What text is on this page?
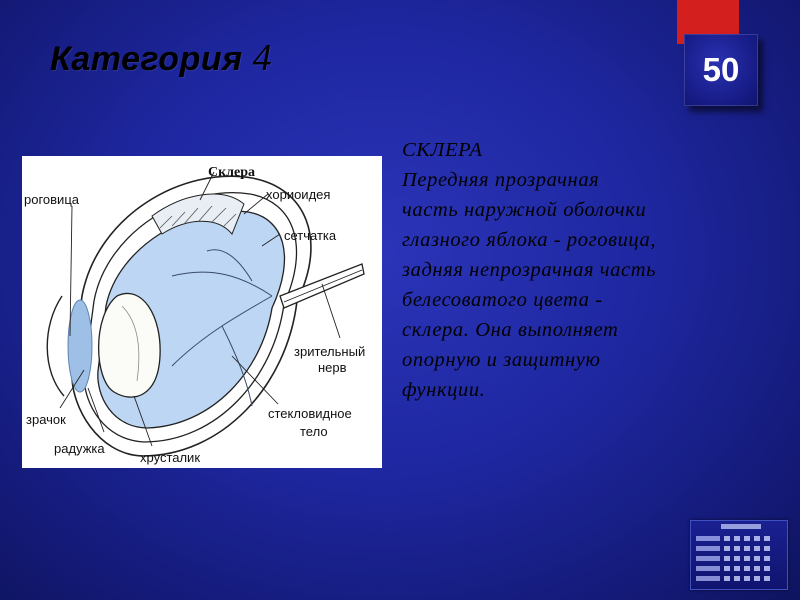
Категория 4	50
Склера
роговица	хориоидея
сетчатка
зрительный
нерв
зрачок
радужка
хрусталик
стекловидное
тело
СКЛЕРА
Передняя прозрачная
часть наружной оболочки
глазного яблока - роговица,
задняя непрозрачная часть
белесоватого цвета -
склера. Она выполняет
опорную и защитную
функции.
